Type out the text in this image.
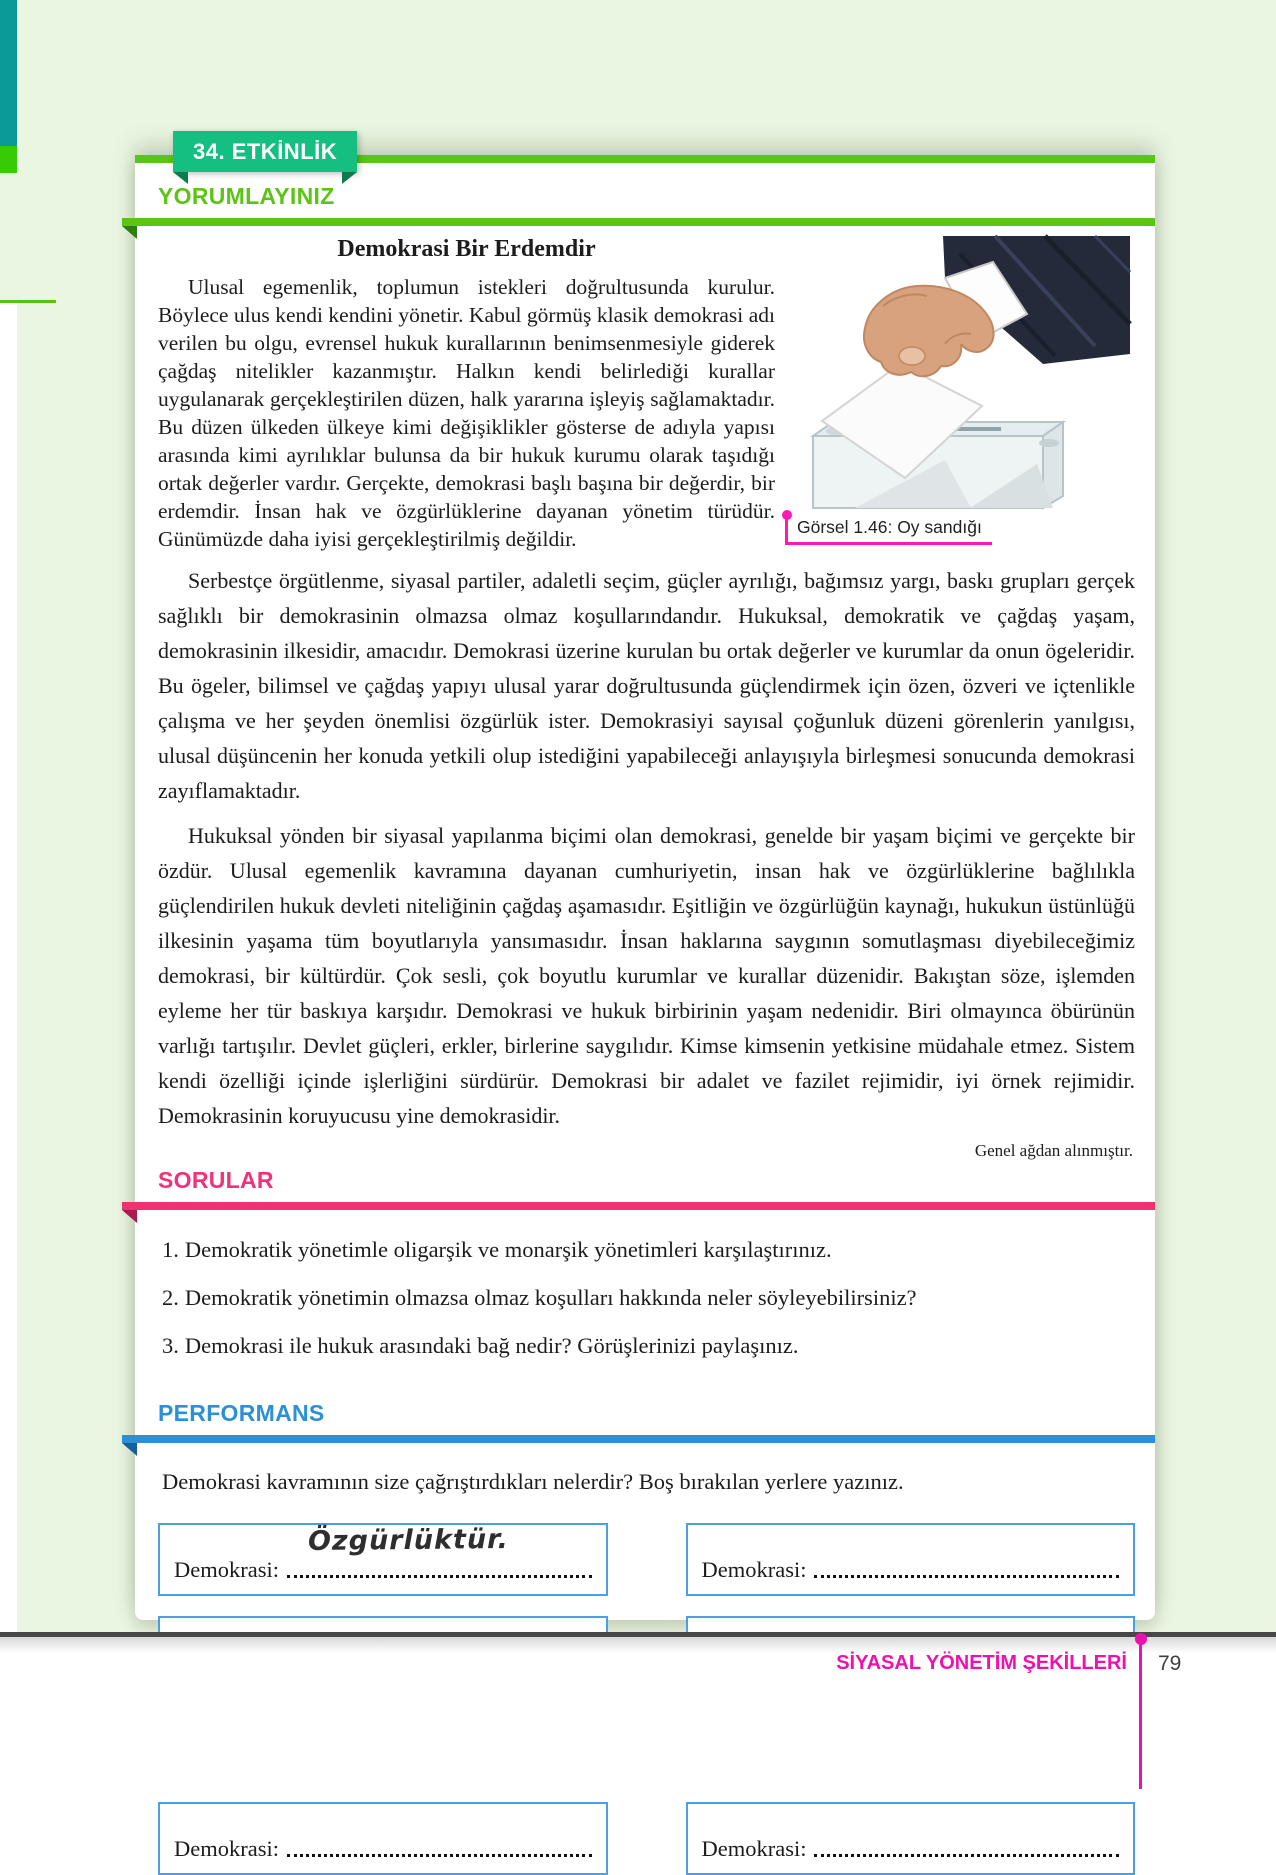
34. ETKİNLİK
YORUMLAYINIZ
Görsel 1.46: Oy sandığı
Demokrasi Bir Erdemdir

Ulusal egemenlik, toplumun istekleri doğrultusunda kurulur. Böylece ulus kendi kendini yönetir. Kabul görmüş klasik demokrasi adı verilen bu olgu, evrensel hukuk kurallarının benimsenmesiyle giderek çağdaş nitelikler kazanmıştır. Halkın kendi belirlediği kurallar uygulanarak gerçekleştirilen düzen, halk yararına işleyiş sağlamaktadır. Bu düzen ülkeden ülkeye kimi değişiklikler gösterse de adıyla yapısı arasında kimi ayrılıklar bulunsa da bir hukuk kurumu olarak taşıdığı ortak değerler vardır. Gerçekte, demokrasi başlı başına bir değerdir, bir erdemdir. İnsan hak ve özgürlüklerine dayanan yönetim türüdür. Günümüzde daha iyisi gerçekleştirilmiş değildir.

Serbestçe örgütlenme, siyasal partiler, adaletli seçim, güçler ayrılığı, bağımsız yargı, baskı grupları gerçek sağlıklı bir demokrasinin olmazsa olmaz koşullarındandır. Hukuksal, demokratik ve çağdaş yaşam, demokrasinin ilkesidir, amacıdır. Demokrasi üzerine kurulan bu ortak değerler ve kurumlar da onun ögeleridir. Bu ögeler, bilimsel ve çağdaş yapıyı ulusal yarar doğrultusunda güçlendirmek için özen, özveri ve içtenlikle çalışma ve her şeyden önemlisi özgürlük ister. Demokrasiyi sayısal çoğunluk düzeni görenlerin yanılgısı, ulusal düşüncenin her konuda yetkili olup istediğini yapabileceği anlayışıyla birleşmesi sonucunda demokrasi zayıflamaktadır.

Hukuksal yönden bir siyasal yapılanma biçimi olan demokrasi, genelde bir yaşam biçimi ve gerçekte bir özdür. Ulusal egemenlik kavramına dayanan cumhuriyetin, insan hak ve özgürlüklerine bağlılıkla güçlendirilen hukuk devleti niteliğinin çağdaş aşamasıdır. Eşitliğin ve özgürlüğün kaynağı, hukukun üstünlüğü ilkesinin yaşama tüm boyutlarıyla yansımasıdır. İnsan haklarına saygının somutlaşması diyebileceğimiz demokrasi, bir kültürdür. Çok sesli, çok boyutlu kurumlar ve kurallar düzenidir. Bakıştan söze, işlemden eyleme her tür baskıya karşıdır. Demokrasi ve hukuk birbirinin yaşam nedenidir. Biri olmayınca öbürünün varlığı tartışılır. Devlet güçleri, erkler, birlerine saygılıdır. Kimse kimsenin yetkisine müdahale etmez. Sistem kendi özelliği içinde işlerliğini sürdürür. Demokrasi bir adalet ve fazilet rejimidir, iyi örnek rejimidir. Demokrasinin koruyucusu yine demokrasidir.

Genel ağdan alınmıştır.
SORULAR
1. Demokratik yönetimle oligarşik ve monarşik yönetimleri karşılaştırınız.
2. Demokratik yönetimin olmazsa olmaz koşulları hakkında neler söyleyebilirsiniz?
3. Demokrasi ile hukuk arasındaki bağ nedir? Görüşlerinizi paylaşınız.
PERFORMANS
Demokrasi kavramının size çağrıştırdıkları nelerdir? Boş bırakılan yerlere yazınız.
Demokrasi:
Özgürlüktür.
Demokrasi:
Demokrasi:	Demokrasi:
SİYASAL YÖNETİM ŞEKİLLERİ 79
